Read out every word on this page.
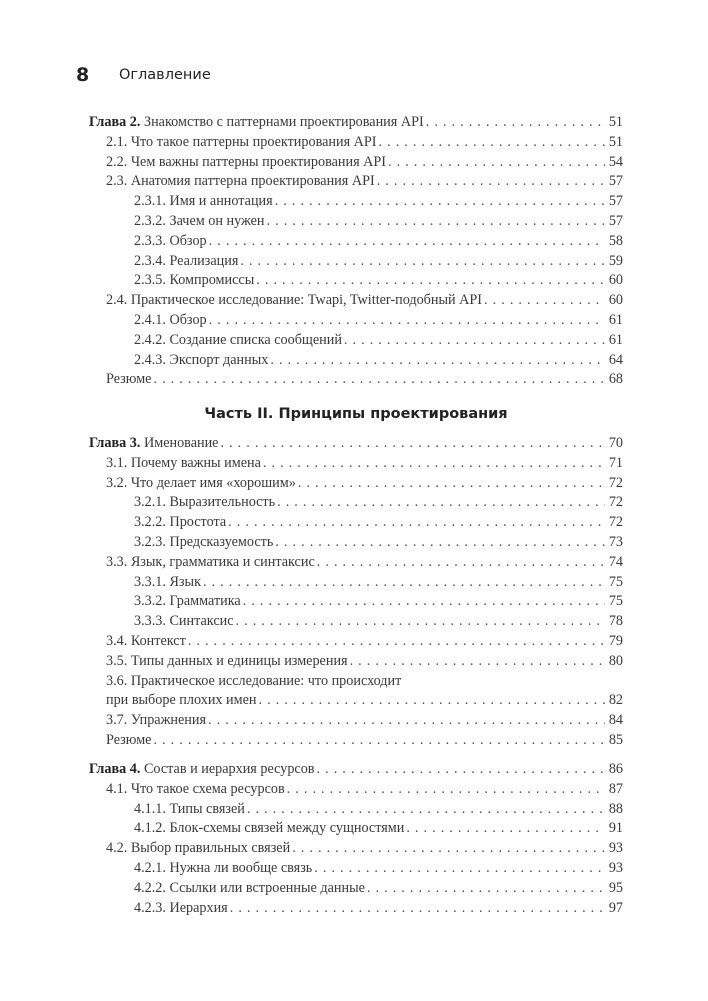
8 Оглавление
Глава 2. Знакомство с паттернами проектирования API . . .	51
2.1. Что такое паттерны проектирования API . . .	51
2.2. Чем важны паттерны проектирования API . . .	54
2.3. Анатомия паттерна проектирования API . . .	57
2.3.1. Имя и аннотация . . .	57
2.3.2. Зачем он нужен . . .	57
2.3.3. Обзор . . .	58
2.3.4. Реализация . . .	59
2.3.5. Компромиссы . . .	60
2.4. Практическое исследование: Twapi, Twitter-подобный API . . .	60
2.4.1. Обзор . . .	61
2.4.2. Создание списка сообщений . . .	61
2.4.3. Экспорт данных . . .	64
Резюме . . .	68
Часть II. Принципы проектирования
Глава 3. Именование . . .	70
3.1. Почему важны имена . . .	71
3.2. Что делает имя «хорошим» . . .	72
3.2.1. Выразительность . . .	72
3.2.2. Простота . . .	72
3.2.3. Предсказуемость . . .	73
3.3. Язык, грамматика и синтаксис . . .	74
3.3.1. Язык . . .	75
3.3.2. Грамматика . . .	75
3.3.3. Синтаксис . . .	78
3.4. Контекст . . .	79
3.5. Типы данных и единицы измерения . . .	80
3.6. Практическое исследование: что происходит
при выборе плохих имен . . .	82
3.7. Упражнения . . .	84
Резюме . . .	85
Глава 4. Состав и иерархия ресурсов . . .	86
4.1. Что такое схема ресурсов . . .	87
4.1.1. Типы связей . . .	88
4.1.2. Блок-схемы связей между сущностями . . .	91
4.2. Выбор правильных связей . . .	93
4.2.1. Нужна ли вообще связь . . .	93
4.2.2. Ссылки или встроенные данные . . .	95
4.2.3. Иерархия . . .	97
